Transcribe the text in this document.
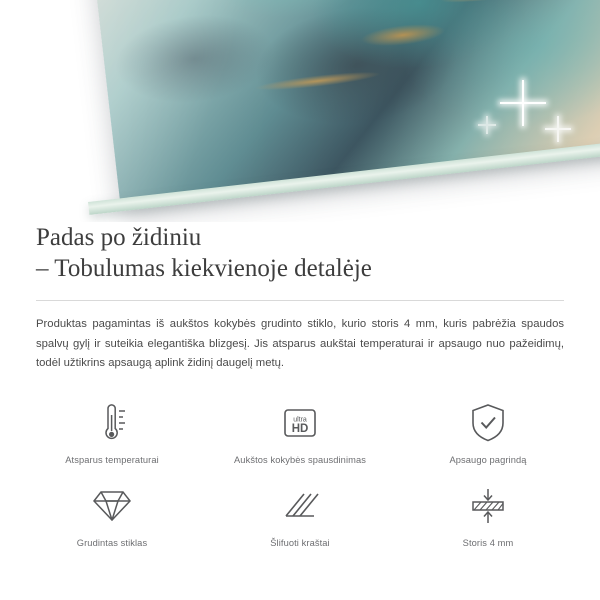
Padas po židiniu
– Tobulumas kiekvienoje detalėje

Produktas pagamintas iš aukštos kokybės grudinto stiklo, kurio storis 4 mm, kuris pabrėžia spaudos spalvų gylį ir suteikia elegantiška blizgesį. Jis atsparus aukštai temperaturai ir apsaugo nuo pažeidimų, todėl užtikrins apsaugą aplink židinį daugelį metų.

Atsparus temperaturai
ultra
HD
Aukštos kokybės spausdinimas	Apsaugo pagrindą
Grudintas stiklas	Šlifuoti kraštai	Storis 4 mm
